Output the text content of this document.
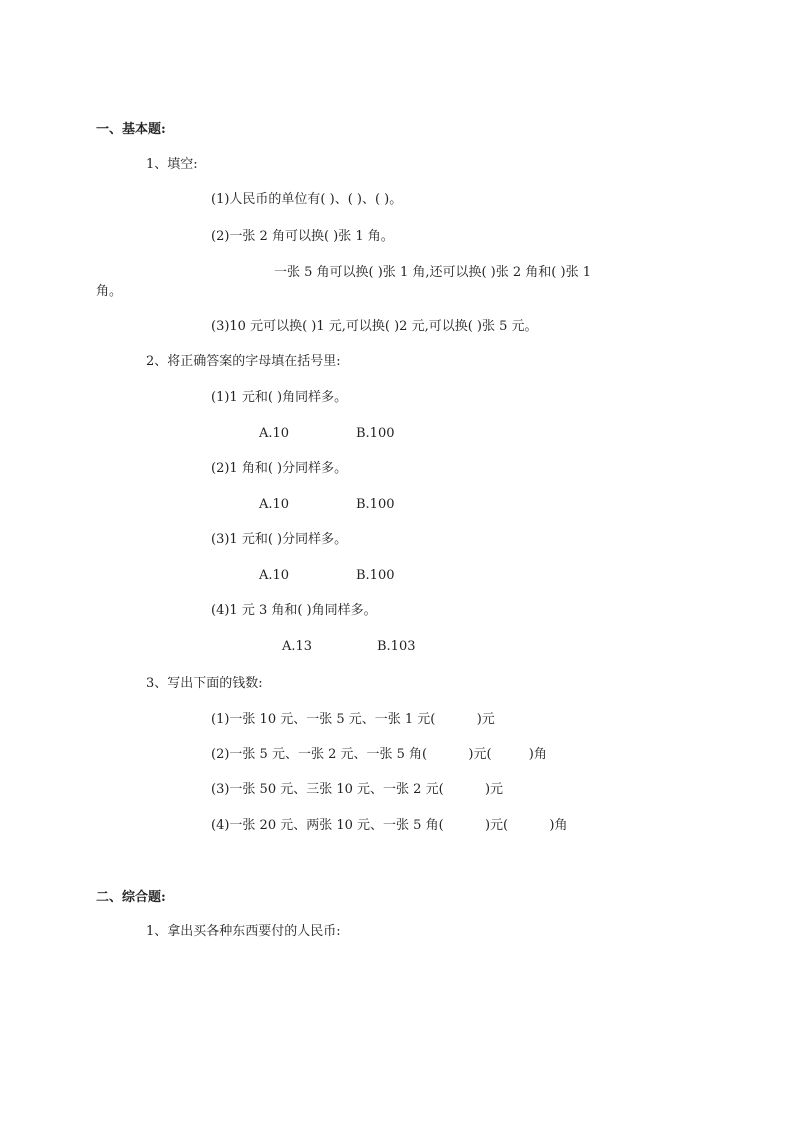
一、基本题:
1、填空:
(1)人民币的单位有( )、( )、( )。
(2)一张 2 角可以换( )张 1 角。
一张 5 角可以换( )张 1 角,还可以换( )张 2 角和( )张 1
角。
(3)10 元可以换( )1 元,可以换( )2 元,可以换( )张 5 元。
2、将正确答案的字母填在括号里:
(1)1 元和( )角同样多。
A.10	B.100
(2)1 角和( )分同样多。
A.10	B.100
(3)1 元和( )分同样多。
A.10	B.100
(4)1 元 3 角和( )角同样多。
A.13	B.103
3、写出下面的钱数:
(1)一张 10 元、一张 5 元、一张 1 元(          )元
(2)一张 5 元、一张 2 元、一张 5 角(          )元(         )角
(3)一张 50 元、三张 10 元、一张 2 元(          )元
(4)一张 20 元、两张 10 元、一张 5 角(          )元(          )角
二、综合题:
1、拿出买各种东西要付的人民币:
